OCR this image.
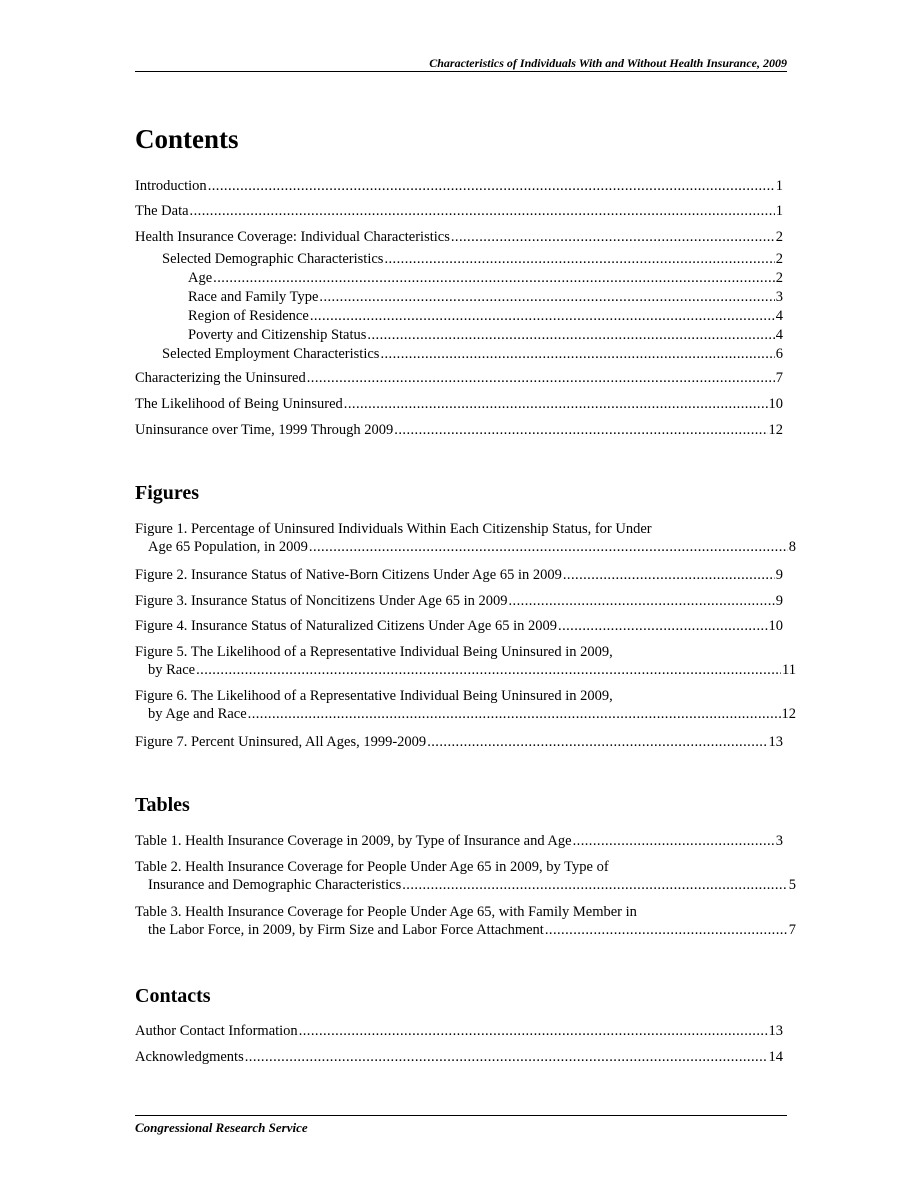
Characteristics of Individuals With and Without Health Insurance, 2009
Contents
Introduction . . .	1
The Data . . .	1
Health Insurance Coverage: Individual Characteristics . . .	2
Selected Demographic Characteristics . . .	2
Age . . .	2
Race and Family Type . . .	3
Region of Residence . . .	4
Poverty and Citizenship Status . . .	4
Selected Employment Characteristics . . .	6
Characterizing the Uninsured . . .	7
The Likelihood of Being Uninsured . . .	10
Uninsurance over Time, 1999 Through 2009 . . .	12
Figures
Figure 1. Percentage of Uninsured Individuals Within Each Citizenship Status, for Under
Age 65 Population, in 2009 . . .	8
Figure 2. Insurance Status of Native-Born Citizens Under Age 65 in 2009 . . .	9
Figure 3. Insurance Status of Noncitizens Under Age 65 in 2009 . . .	9
Figure 4. Insurance Status of Naturalized Citizens Under Age 65 in 2009 . . .	10
Figure 5. The Likelihood of a Representative Individual Being Uninsured in 2009,
by Race . . .	11
Figure 6. The Likelihood of a Representative Individual Being Uninsured in 2009,
by Age and Race . . .	12
Figure 7. Percent Uninsured, All Ages, 1999-2009 . . .	13
Tables
Table 1. Health Insurance Coverage in 2009, by Type of Insurance and Age . . .	3
Table 2. Health Insurance Coverage for People Under Age 65 in 2009, by Type of
Insurance and Demographic Characteristics . . .	5
Table 3. Health Insurance Coverage for People Under Age 65, with Family Member in
the Labor Force, in 2009, by Firm Size and Labor Force Attachment . . .	7
Contacts
Author Contact Information . . .	13
Acknowledgments . . .	14
Congressional Research Service
